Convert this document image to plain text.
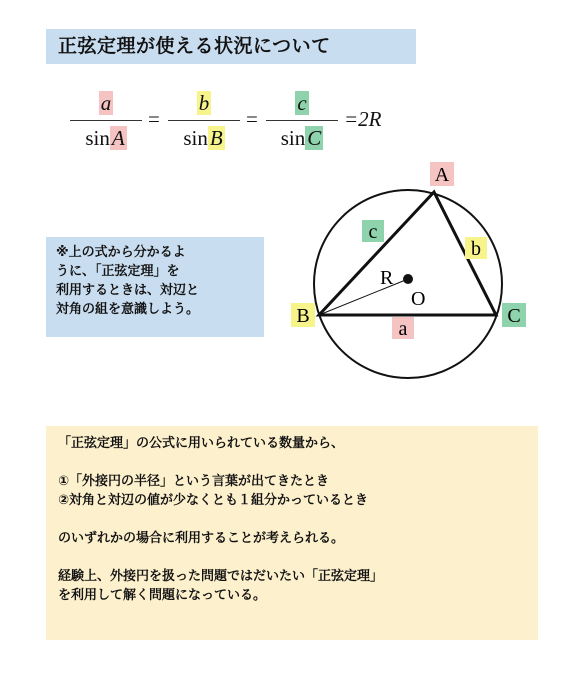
正弦定理が使える状況について
a
sinA
=
b
sinB
=
c
sinC
=2R
※上の式から分かるよ
うに、「正弦定理」を
利用するときは、対辺と
対角の組を意識しよう。
A
B	C
a
b
c
R
O
「正弦定理」の公式に用いられている数量から、
①「外接円の半径」という言葉が出てきたとき
②対角と対辺の値が少なくとも１組分かっているとき
のいずれかの場合に利用することが考えられる。
経験上、外接円を扱った問題ではだいたい「正弦定理」
を利用して解く問題になっている。
